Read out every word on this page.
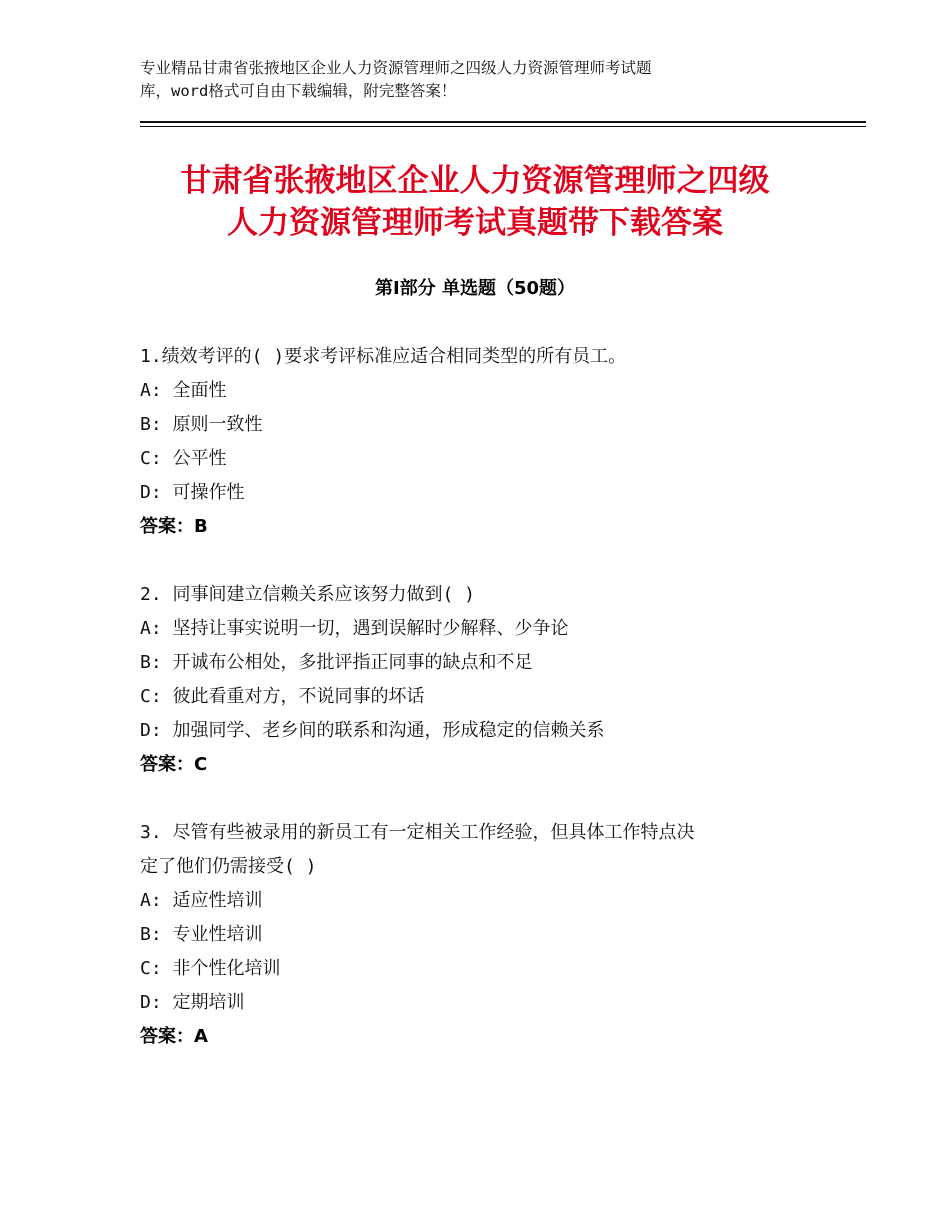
专业精品甘肃省张掖地区企业人力资源管理师之四级人力资源管理师考试题
库，word格式可自由下载编辑，附完整答案！
甘肃省张掖地区企业人力资源管理师之四级
人力资源管理师考试真题带下载答案
第Ⅰ部分 单选题（50题）
1.绩效考评的( )要求考评标准应适合相同类型的所有员工。
A: 全面性
B: 原则一致性
C: 公平性
D: 可操作性
答案：B
2. 同事间建立信赖关系应该努力做到( )
A: 坚持让事实说明一切，遇到误解时少解释、少争论
B: 开诚布公相处，多批评指正同事的缺点和不足
C: 彼此看重对方，不说同事的坏话
D: 加强同学、老乡间的联系和沟通，形成稳定的信赖关系
答案：C
3. 尽管有些被录用的新员工有一定相关工作经验，但具体工作特点决
定了他们仍需接受( )
A: 适应性培训
B: 专业性培训
C: 非个性化培训
D: 定期培训
答案：A
